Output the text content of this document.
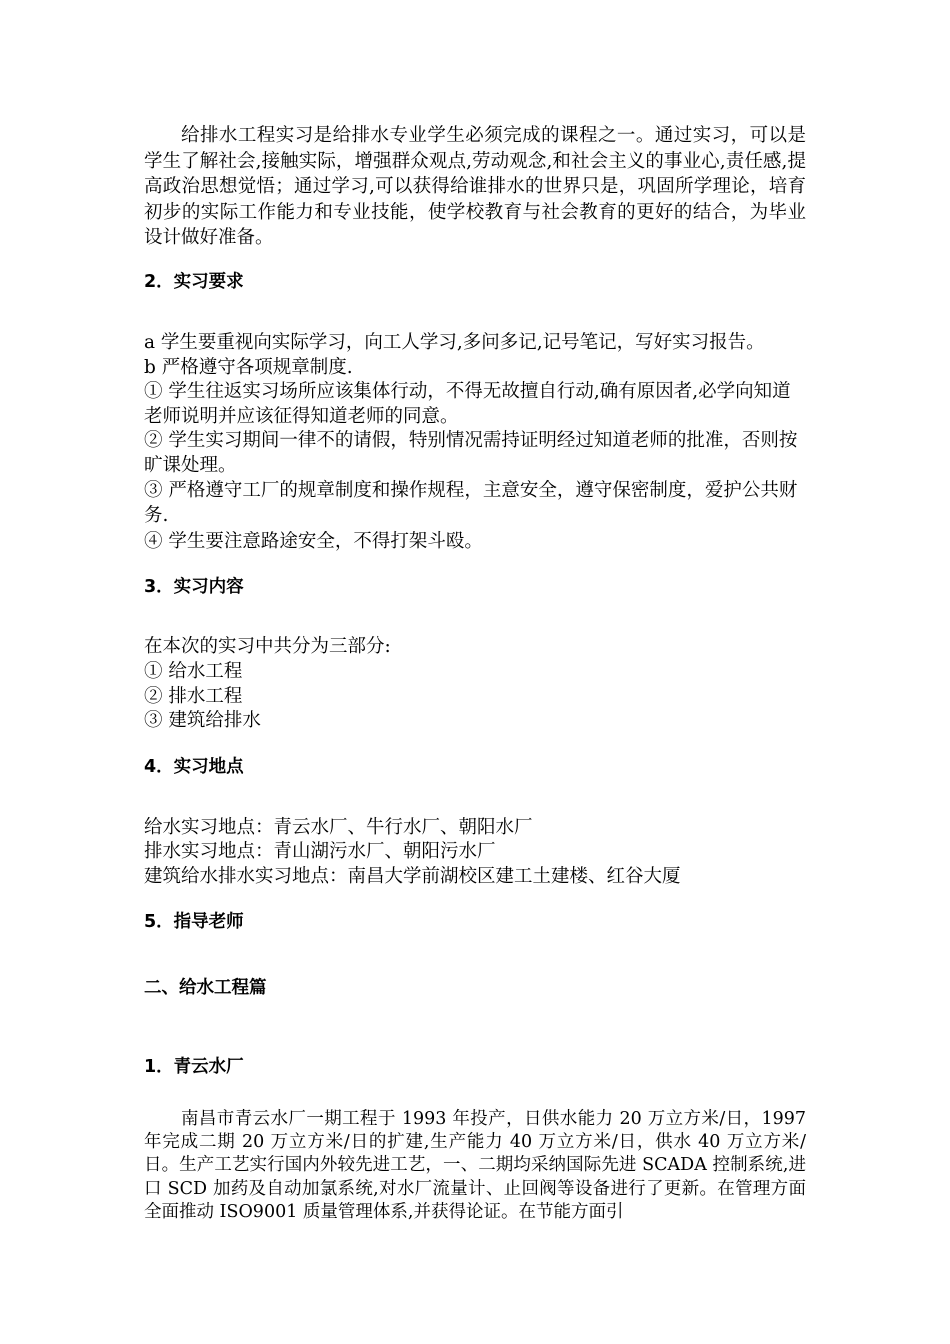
给排水工程实习是给排水专业学生必须完成的课程之一。通过实习，可以是学生了解社会,接触实际，增强群众观点,劳动观念,和社会主义的事业心,责任感,提高政治思想觉悟；通过学习,可以获得给谁排水的世界只是，巩固所学理论，培育初步的实际工作能力和专业技能，使学校教育与社会教育的更好的结合，为毕业设计做好准备。

2．实习要求

a 学生要重视向实际学习，向工人学习,多问多记,记号笔记，写好实习报告。

b 严格遵守各项规章制度.

① 学生往返实习场所应该集体行动，不得无故擅自行动,确有原因者,必学向知道老师说明并应该征得知道老师的同意。

② 学生实习期间一律不的请假，特别情况需持证明经过知道老师的批准，否则按旷课处理。

③ 严格遵守工厂的规章制度和操作规程，主意安全，遵守保密制度，爱护公共财务.

④ 学生要注意路途安全，不得打架斗殴。

3．实习内容

在本次的实习中共分为三部分:

① 给水工程

② 排水工程

③ 建筑给排水

4．实习地点

给水实习地点：青云水厂、牛行水厂、朝阳水厂

排水实习地点：青山湖污水厂、朝阳污水厂

建筑给水排水实习地点：南昌大学前湖校区建工土建楼、红谷大厦

5．指导老师
二、给水工程篇
1．青云水厂

南昌市青云水厂一期工程于 1993 年投产，日供水能力 20 万立方米/日，1997 年完成二期 20 万立方米/日的扩建,生产能力 40 万立方米/日，供水 40 万立方米/日。生产工艺实行国内外较先进工艺，一、二期均采纳国际先进 SCADA 控制系统,进口 SCD 加药及自动加氯系统,对水厂流量计、止回阀等设备进行了更新。在管理方面全面推动 ISO9001 质量管理体系,并获得论证。在节能方面引
